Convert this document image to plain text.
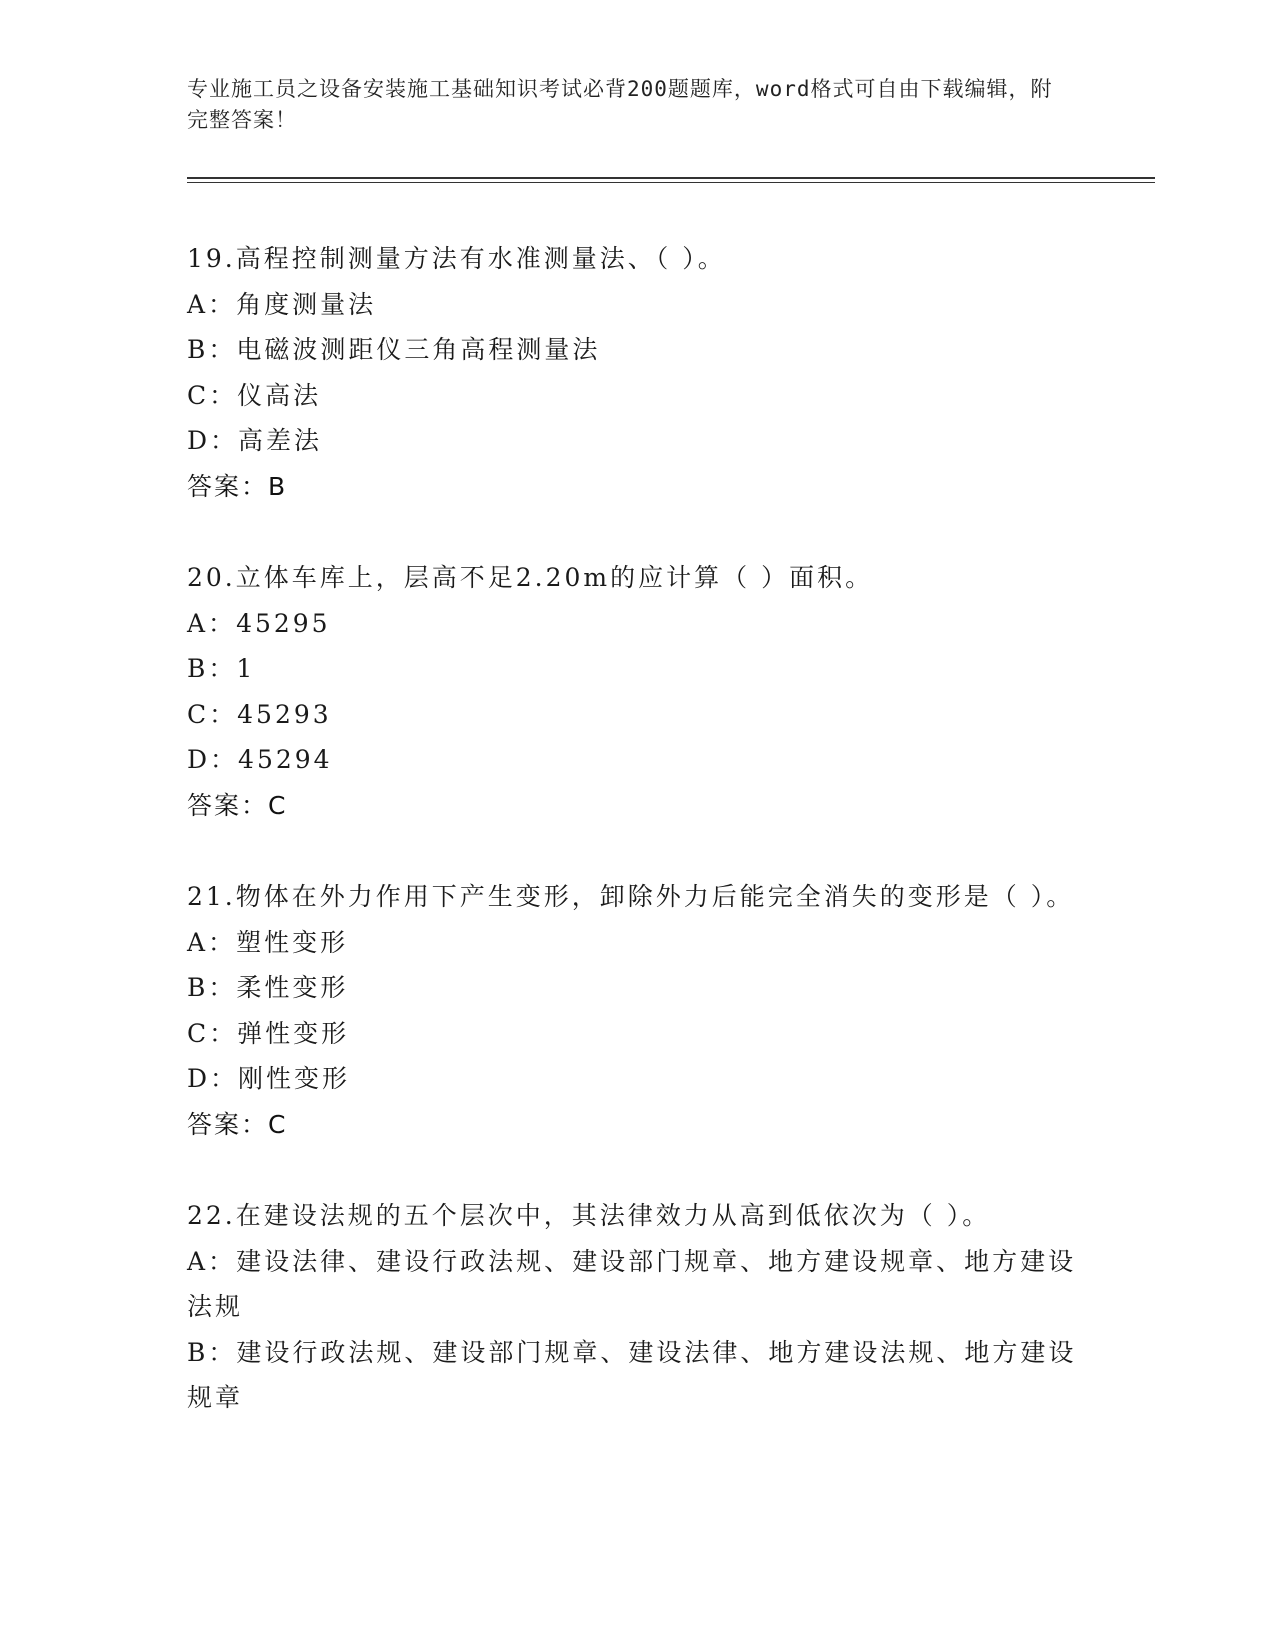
专业施工员之设备安装施工基础知识考试必背200题题库，word格式可自由下载编辑，附完整答案！
19.高程控制测量方法有水准测量法、（ ）。
A：角度测量法
B：电磁波测距仪三角高程测量法
C：仪高法
D：高差法
答案：B
20.立体车库上，层高不足2.20m的应计算（ ）面积。
A：45295
B：1
C：45293
D：45294
答案：C
21.物体在外力作用下产生变形，卸除外力后能完全消失的变形是（ ）。
A：塑性变形
B：柔性变形
C：弹性变形
D：刚性变形
答案：C
22.在建设法规的五个层次中，其法律效力从高到低依次为（ ）。
A：建设法律、建设行政法规、建设部门规章、地方建设规章、地方建设法规
B：建设行政法规、建设部门规章、建设法律、地方建设法规、地方建设规章
